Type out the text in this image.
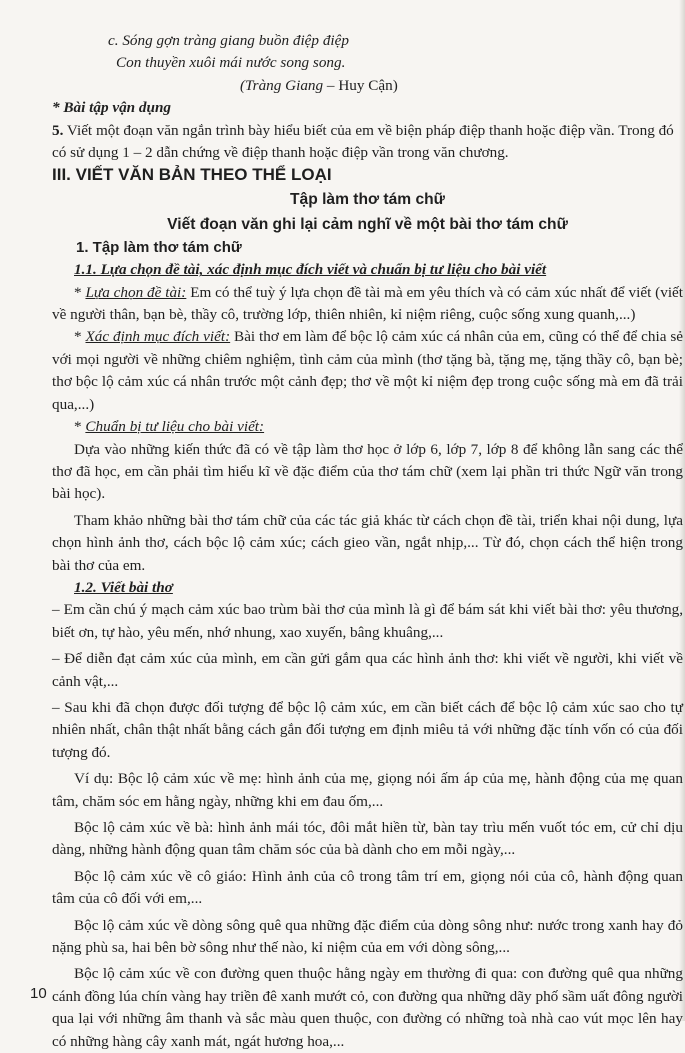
c. Sóng gợn tràng giang buồn điệp điệp

Con thuyền xuôi mái nước song song.

(Tràng Giang – Huy Cận)

* Bài tập vận dụng

5. Viết một đoạn văn ngắn trình bày hiểu biết của em về biện pháp điệp thanh hoặc điệp vần. Trong đó có sử dụng 1 – 2 dẫn chứng về điệp thanh hoặc điệp vần trong văn chương.

III. VIẾT VĂN BẢN THEO THỂ LOẠI

Tập làm thơ tám chữ

Viết đoạn văn ghi lại cảm nghĩ về một bài thơ tám chữ

1. Tập làm thơ tám chữ

1.1. Lựa chọn đề tài, xác định mục đích viết và chuẩn bị tư liệu cho bài viết

* Lựa chọn đề tài: Em có thể tuỳ ý lựa chọn đề tài mà em yêu thích và có cảm xúc nhất để viết (viết về người thân, bạn bè, thầy cô, trường lớp, thiên nhiên, kỉ niệm riêng, cuộc sống xung quanh,...)

* Xác định mục đích viết: Bài thơ em làm để bộc lộ cảm xúc cá nhân của em, cũng có thể để chia sẻ với mọi người về những chiêm nghiệm, tình cảm của mình (thơ tặng bà, tặng mẹ, tặng thầy cô, bạn bè; thơ bộc lộ cảm xúc cá nhân trước một cảnh đẹp; thơ về một kỉ niệm đẹp trong cuộc sống mà em đã trải qua,...)

* Chuẩn bị tư liệu cho bài viết:

Dựa vào những kiến thức đã có về tập làm thơ học ở lớp 6, lớp 7, lớp 8 để không lẫn sang các thể thơ đã học, em cần phải tìm hiểu kĩ về đặc điểm của thơ tám chữ (xem lại phần tri thức Ngữ văn trong bài học).

Tham khảo những bài thơ tám chữ của các tác giả khác từ cách chọn đề tài, triển khai nội dung, lựa chọn hình ảnh thơ, cách bộc lộ cảm xúc; cách gieo vần, ngắt nhịp,... Từ đó, chọn cách thể hiện trong bài thơ của em.

1.2. Viết bài thơ

– Em cần chú ý mạch cảm xúc bao trùm bài thơ của mình là gì để bám sát khi viết bài thơ: yêu thương, biết ơn, tự hào, yêu mến, nhớ nhung, xao xuyến, bâng khuâng,...

– Để diễn đạt cảm xúc của mình, em cần gửi gắm qua các hình ảnh thơ: khi viết về người, khi viết về cảnh vật,...

– Sau khi đã chọn được đối tượng để bộc lộ cảm xúc, em cần biết cách để bộc lộ cảm xúc sao cho tự nhiên nhất, chân thật nhất bằng cách gắn đối tượng em định miêu tả với những đặc tính vốn có của đối tượng đó.

Ví dụ: Bộc lộ cảm xúc về mẹ: hình ảnh của mẹ, giọng nói ấm áp của mẹ, hành động của mẹ quan tâm, chăm sóc em hằng ngày, những khi em đau ốm,...

Bộc lộ cảm xúc về bà: hình ảnh mái tóc, đôi mắt hiền từ, bàn tay trìu mến vuốt tóc em, cử chỉ dịu dàng, những hành động quan tâm chăm sóc của bà dành cho em mỗi ngày,...

Bộc lộ cảm xúc về cô giáo: Hình ảnh của cô trong tâm trí em, giọng nói của cô, hành động quan tâm của cô đối với em,...

Bộc lộ cảm xúc về dòng sông quê qua những đặc điểm của dòng sông như: nước trong xanh hay đỏ nặng phù sa, hai bên bờ sông như thế nào, kỉ niệm của em với dòng sông,...

Bộc lộ cảm xúc về con đường quen thuộc hằng ngày em thường đi qua: con đường quê qua những cánh đồng lúa chín vàng hay triền đê xanh mướt cỏ, con đường qua những dãy phố sầm uất đông người qua lại với những âm thanh và sắc màu quen thuộc, con đường có những toà nhà cao vút mọc lên hay có những hàng cây xanh mát, ngát hương hoa,...

10
